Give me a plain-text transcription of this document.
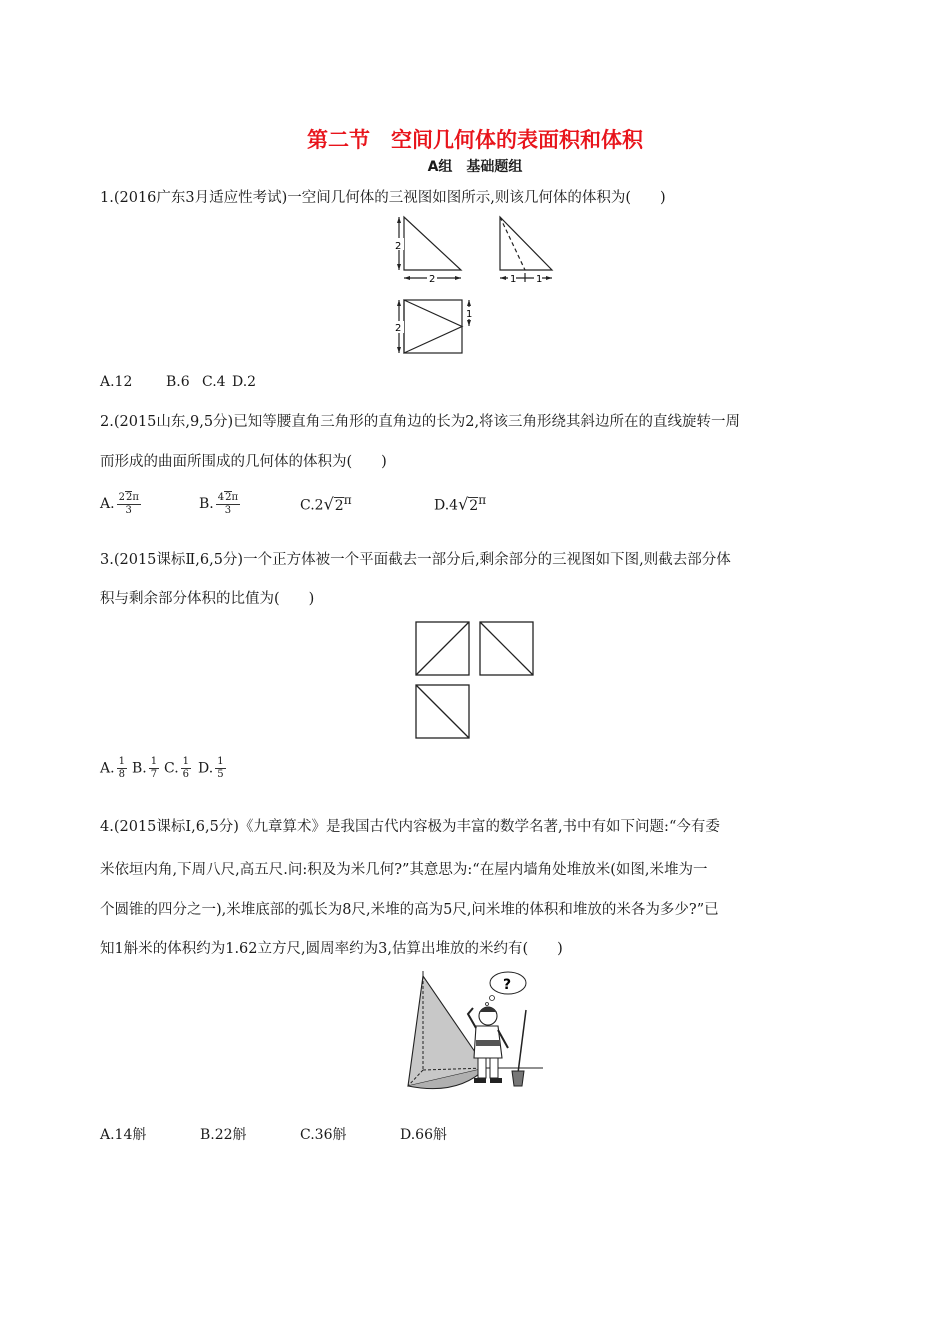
第二节　空间几何体的表面积和体积
A组　基础题组
1.(2016广东3月适应性考试)一空间几何体的三视图如图所示,则该几何体的体积为(　　)
2
2	1 1
2
1
A.12 B.6 C.4 D.2
2.(2015山东,9,5分)已知等腰直角三角形的直角边的长为2,将该三角形绕其斜边所在的直线旋转一周
而形成的曲面所围成的几何体的体积为(　　)
A. $\frac{22\pi}{3}$	B. $\frac{42\pi}{3}$	$C.2√2^\pi$	$D.4√2^\pi$
3.(2015课标Ⅱ,6,5分)一个正方体被一个平面截去一部分后,剩余部分的三视图如下图,则截去部分体
积与剩余部分体积的比值为(　　)
A. $\frac{1}{8} B$. $\frac{1}{7} C$. $\frac{1}{6} D$. $\frac{1}{5}$
4.(2015课标Ⅰ,6,5分)《九章算术》是我国古代内容极为丰富的数学名著,书中有如下问题:“今有委
米依垣内角,下周八尺,高五尺.问:积及为米几何?”其意思为:“在屋内墙角处堆放米(如图,米堆为一
个圆锥的四分之一),米堆底部的弧长为8尺,米堆的高为5尺,问米堆的体积和堆放的米各为多少?”已
知1斛米的体积约为1.62立方尺,圆周率约为3,估算出堆放的米约有(　　)
?
A.14斛	B.22斛	C.36斛	D.66斛
